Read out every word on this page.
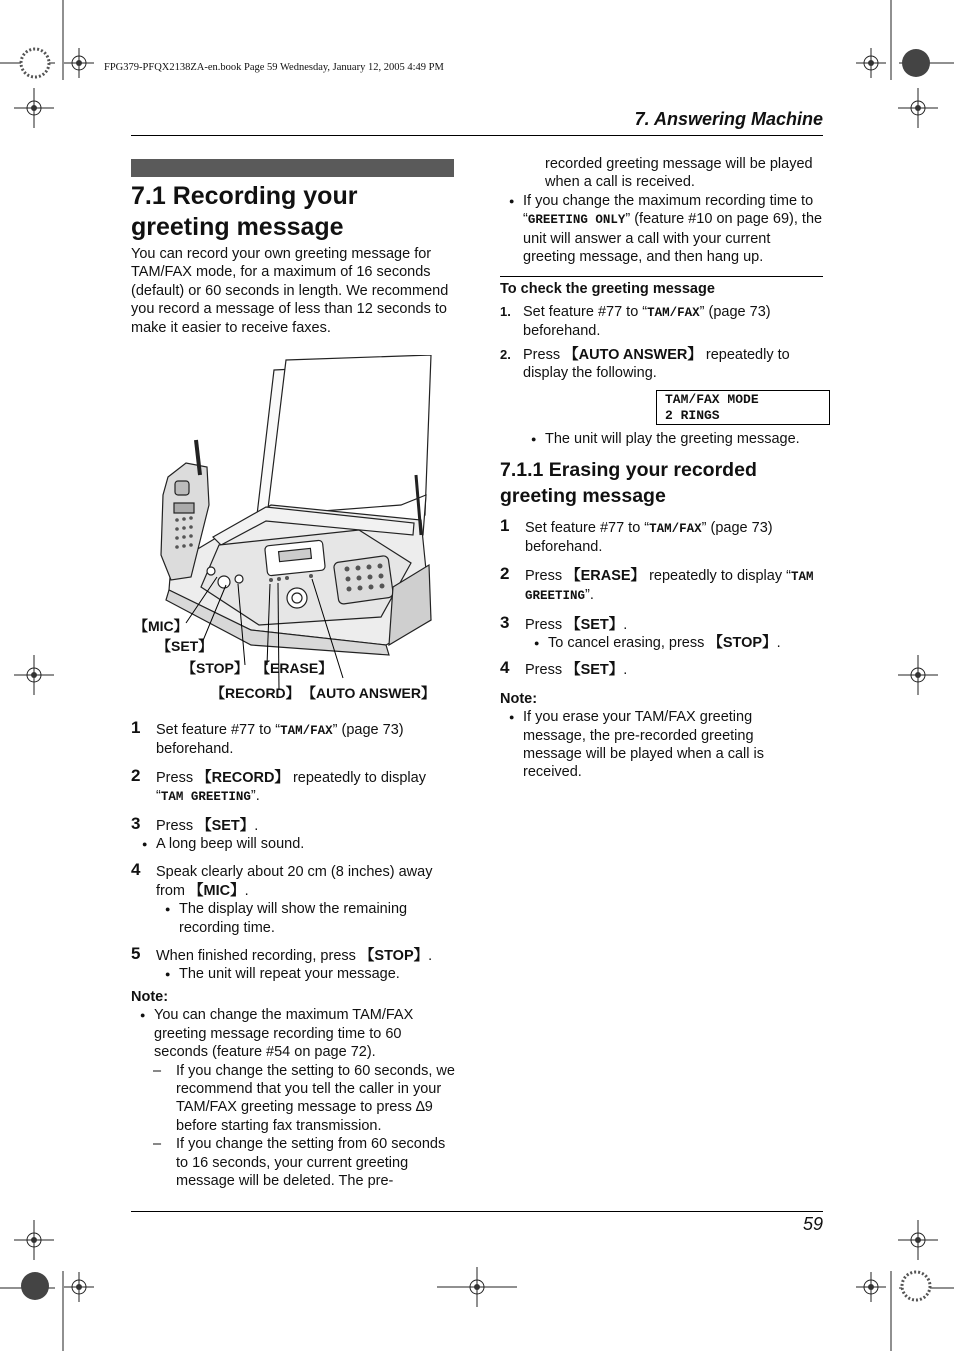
FPG379-PFQX2138ZA-en.book Page 59 Wednesday, January 12, 2005 4:49 PM
7. Answering Machine
7.1 Recording your
greeting message

You can record your own greeting message for TAM/FAX mode, for a maximum of 16 seconds (default) or 60 seconds in length. We recommend you record a message of less than 12 seconds to make it easier to receive faxes.

【MIC】
【SET】
【STOP】 【ERASE】
【RECORD】 【AUTO ANSWER】
1 Set feature #77 to “TAM/FAX” (page 73) beforehand.
2 Press 【RECORD】 repeatedly to display “TAM GREETING”.
3 Press 【SET】.
● A long beep will sound.
4 Speak clearly about 20 cm (8 inches) away from 【MIC】.
● The display will show the remaining recording time.
5 When finished recording, press 【STOP】.
● The unit will repeat your message.
Note:
● You can change the maximum TAM/FAX greeting message recording time to 60 seconds (feature #54 on page 72).
– If you change the setting to 60 seconds, we recommend that you tell the caller in your TAM/FAX greeting message to press ∆9 before starting fax transmission.
– If you change the setting from 60 seconds to 16 seconds, your current greeting message will be deleted. The pre-
recorded greeting message will be played when a call is received.
● If you change the maximum recording time to “GREETING ONLY” (feature #10 on page 69), the unit will answer a call with your current greeting message, and then hang up.
To check the greeting message
1. Set feature #77 to “TAM/FAX” (page 73) beforehand.
2. Press 【AUTO ANSWER】 repeatedly to display the following.
TAM/FAX MODE
2 RINGS
● The unit will play the greeting message.
7.1.1 Erasing your recorded
greeting message
1 Set feature #77 to “TAM/FAX” (page 73) beforehand.
2 Press 【ERASE】 repeatedly to display “TAM GREETING”.
3 Press 【SET】.
● To cancel erasing, press 【STOP】.
4 Press 【SET】.
Note:
● If you erase your TAM/FAX greeting message, the pre-recorded greeting message will be played when a call is received.
59
